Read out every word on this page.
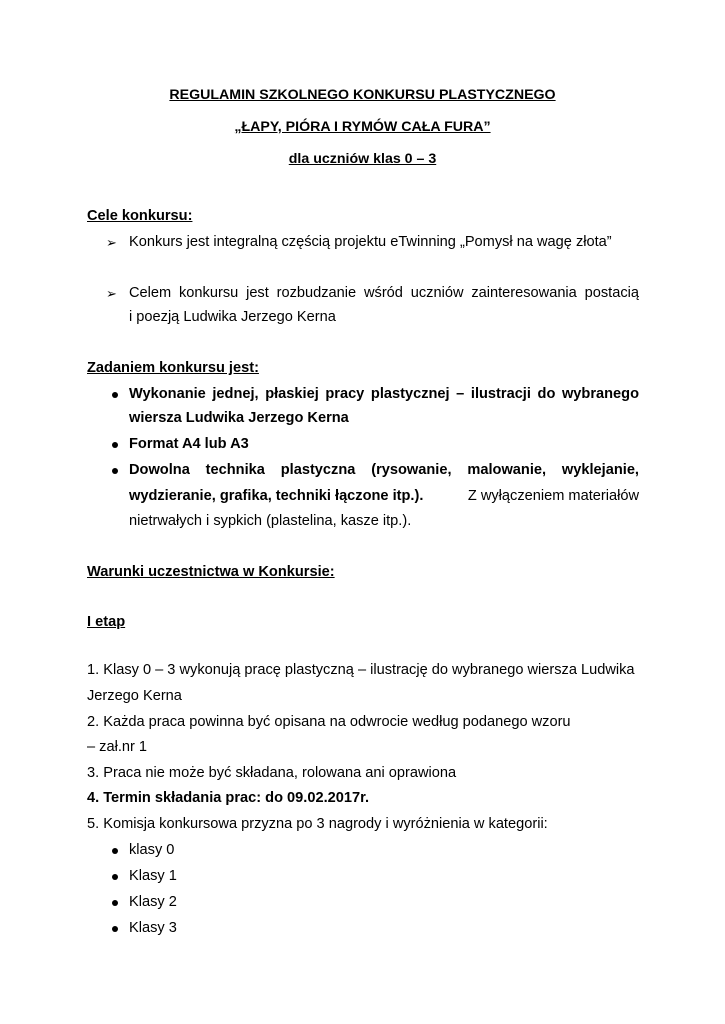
REGULAMIN SZKOLNEGO KONKURSU PLASTYCZNEGO
„ŁAPY, PIÓRA I RYMÓW CAŁA FURA”
dla uczniów klas 0 – 3
Cele konkursu:
➢ Konkurs jest integralną częścią projektu eTwinning „Pomysł na wagę złota”
➢ Celem konkursu jest rozbudzanie wśród uczniów zainteresowania postacią
i poezją Ludwika Jerzego Kerna
Zadaniem konkursu jest:
Wykonanie jednej, płaskiej pracy plastycznej – ilustracji do wybranego
wiersza Ludwika Jerzego Kerna
Format A4 lub A3
Dowolna technika plastyczna (rysowanie, malowanie, wyklejanie,
wydzieranie, grafika, techniki łączone itp.).	Z wyłączeniem materiałów
nietrwałych i sypkich (plastelina, kasze itp.).
Warunki uczestnictwa w Konkursie:
I etap
1. Klasy 0 – 3 wykonują pracę plastyczną – ilustrację do wybranego wiersza Ludwika
Jerzego Kerna
2. Każda praca powinna być opisana na odwrocie według podanego wzoru
– zał.nr 1
3. Praca nie może być składana, rolowana ani oprawiona
4. Termin składania prac: do 09.02.2017r.
5. Komisja konkursowa przyzna po 3 nagrody i wyróżnienia w kategorii:
klasy 0
Klasy 1
Klasy 2
Klasy 3
